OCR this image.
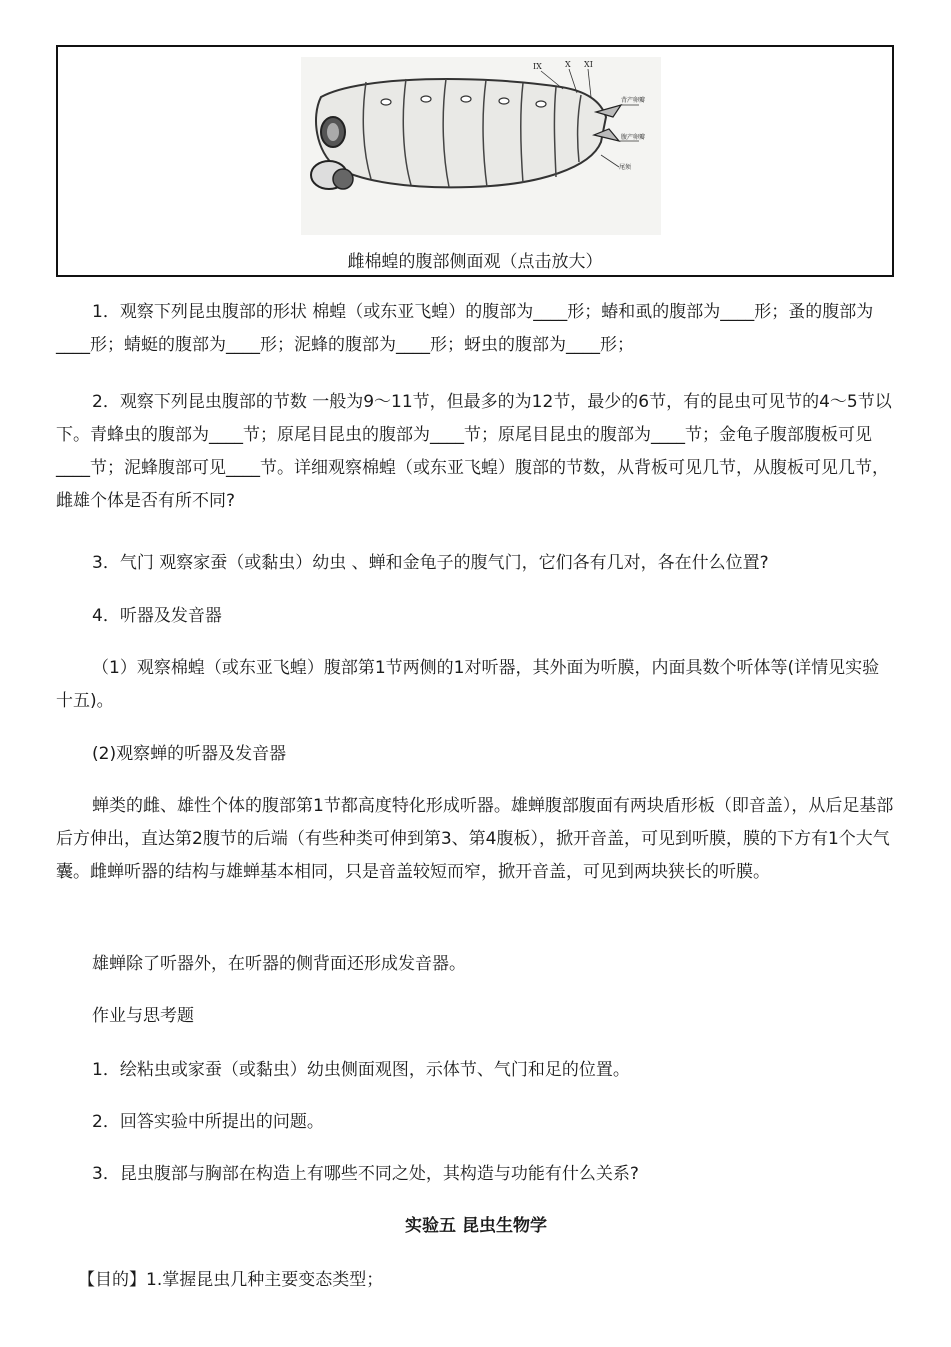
IX	X XI
背产卵瓣
腹产卵瓣
尾须
雌棉蝗的腹部侧面观（点击放大）

1．观察下列昆虫腹部的形状 棉蝗（或东亚飞蝗）的腹部为____形；蝽和虱的腹部为____形；蚤的腹部为____形；蜻蜓的腹部为____形；泥蜂的腹部为____形；蚜虫的腹部为____形；

2．观察下列昆虫腹部的节数 一般为9～11节，但最多的为12节，最少的6节，有的昆虫可见节的4～5节以下。青蜂虫的腹部为____节；原尾目昆虫的腹部为____节；原尾目昆虫的腹部为____节；金龟子腹部腹板可见____节；泥蜂腹部可见____节。详细观察棉蝗（或东亚飞蝗）腹部的节数，从背板可见几节，从腹板可见几节，雌雄个体是否有所不同?

3．气门 观察家蚕（或黏虫）幼虫 、蝉和金龟子的腹气门，它们各有几对，各在什么位置?

4．听器及发音器

（1）观察棉蝗（或东亚飞蝗）腹部第1节两侧的1对听器，其外面为听膜，内面具数个听体等(详情见实验十五)。

(2)观察蝉的听器及发音器

蝉类的雌、雄性个体的腹部第1节都高度特化形成听器。雄蝉腹部腹面有两块盾形板（即音盖），从后足基部后方伸出，直达第2腹节的后端（有些种类可伸到第3、第4腹板），掀开音盖，可见到听膜，膜的下方有1个大气囊。雌蝉听器的结构与雄蝉基本相同，只是音盖较短而窄，掀开音盖，可见到两块狭长的听膜。

雄蝉除了听器外，在听器的侧背面还形成发音器。

作业与思考题

1．绘粘虫或家蚕（或黏虫）幼虫侧面观图，示体节、气门和足的位置。

2．回答实验中所提出的问题。

3．昆虫腹部与胸部在构造上有哪些不同之处，其构造与功能有什么关系?

实验五 昆虫生物学

【目的】1.掌握昆虫几种主要变态类型；
